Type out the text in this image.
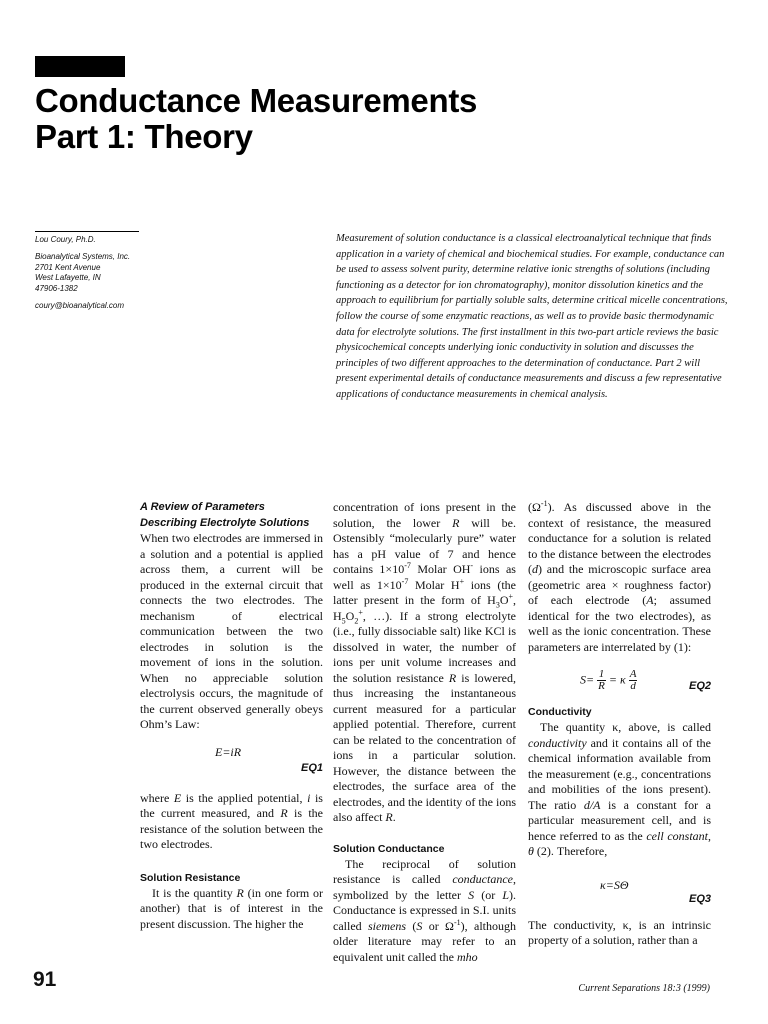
Conductance Measurements
Part 1: Theory

Lou Coury, Ph.D.

Bioanalytical Systems, Inc.

2701 Kent Avenue

West Lafayette, IN

47906-1382

coury@bioanalytical.com

Measurement of solution conductance is a classical electroanalytical technique that finds application in a variety of chemical and biochemical studies. For example, conductance can be used to assess solvent purity, determine relative ionic strengths of solutions (including functioning as a detector for ion chromatography), monitor dissolution kinetics and the approach to equilibrium for partially soluble salts, determine critical micelle concentrations, follow the course of some enzymatic reactions, as well as to provide basic thermodynamic data for electrolyte solutions. The first installment in this two-part article reviews the basic physicochemical concepts underlying ionic conductivity in solution and discusses the principles of two different approaches to the determination of conductance. Part 2 will present experimental details of conductance measurements and discuss a few representative applications of conductance measurements in chemical analysis.

A Review of Parameters Describing Electrolyte Solutions

When two electrodes are immersed in a solution and a potential is applied across them, a current will be produced in the external circuit that connects the two electrodes. The mechanism of electrical communication between the two electrodes in solution is the movement of ions in the solution. When no appreciable solution electrolysis occurs, the magnitude of the current observed generally obeys Ohm’s Law:

E=iR
EQ1

where E is the applied potential, i is the current measured, and R is the resistance of the solution between the two electrodes.

Solution Resistance

It is the quantity R (in one form or another) that is of interest in the present discussion. The higher the

concentration of ions present in the solution, the lower R will be. Ostensibly “molecularly pure” water has a pH value of 7 and hence contains $1\times 10^{-7}$ Molar OH- ions as well as $1\times 10^{-7}$ Molar H+ ions (the latter present in the form of $H_3O^+$, $H_5O_2^+$, …). If a strong electrolyte (i.e., fully dissociable salt) like KCl is dissolved in water, the number of ions per unit volume increases and the solution resistance R is lowered, thus increasing the instantaneous current measured for a particular applied potential. Therefore, current can be related to the concentration of ions in a particular solution. However, the distance between the electrodes, the surface area of the electrodes, and the identity of the ions also affect R.

Solution Conductance

The reciprocal of solution resistance is called conductance, symbolized by the letter S (or L). Conductance is expressed in S.I. units called siemens (S or $\Omega^{-1}$), although older literature may refer to an equivalent unit called the mho

$(\Omega^{-1})$. As discussed above in the context of resistance, the measured conductance for a solution is related to the distance between the electrodes (d) and the microscopic surface area (geometric area × roughness factor) of each electrode (A; assumed identical for the two electrodes), as well as the ionic concentration. These parameters are interrelated by (1):

$S= \frac{1}{R} = \kappa \frac{A}{d}$	EQ2

Conductivity

The quantity κ, above, is called conductivity and it contains all of the chemical information available from the measurement (e.g., concentrations and mobilities of the ions present). The ratio d/A is a constant for a particular measurement cell, and is hence referred to as the cell constant, θ (2). Therefore,

κ=SΘ
EQ3

The conductivity, κ, is an intrinsic property of a solution, rather than a

91	Current Separations 18:3 (1999)
